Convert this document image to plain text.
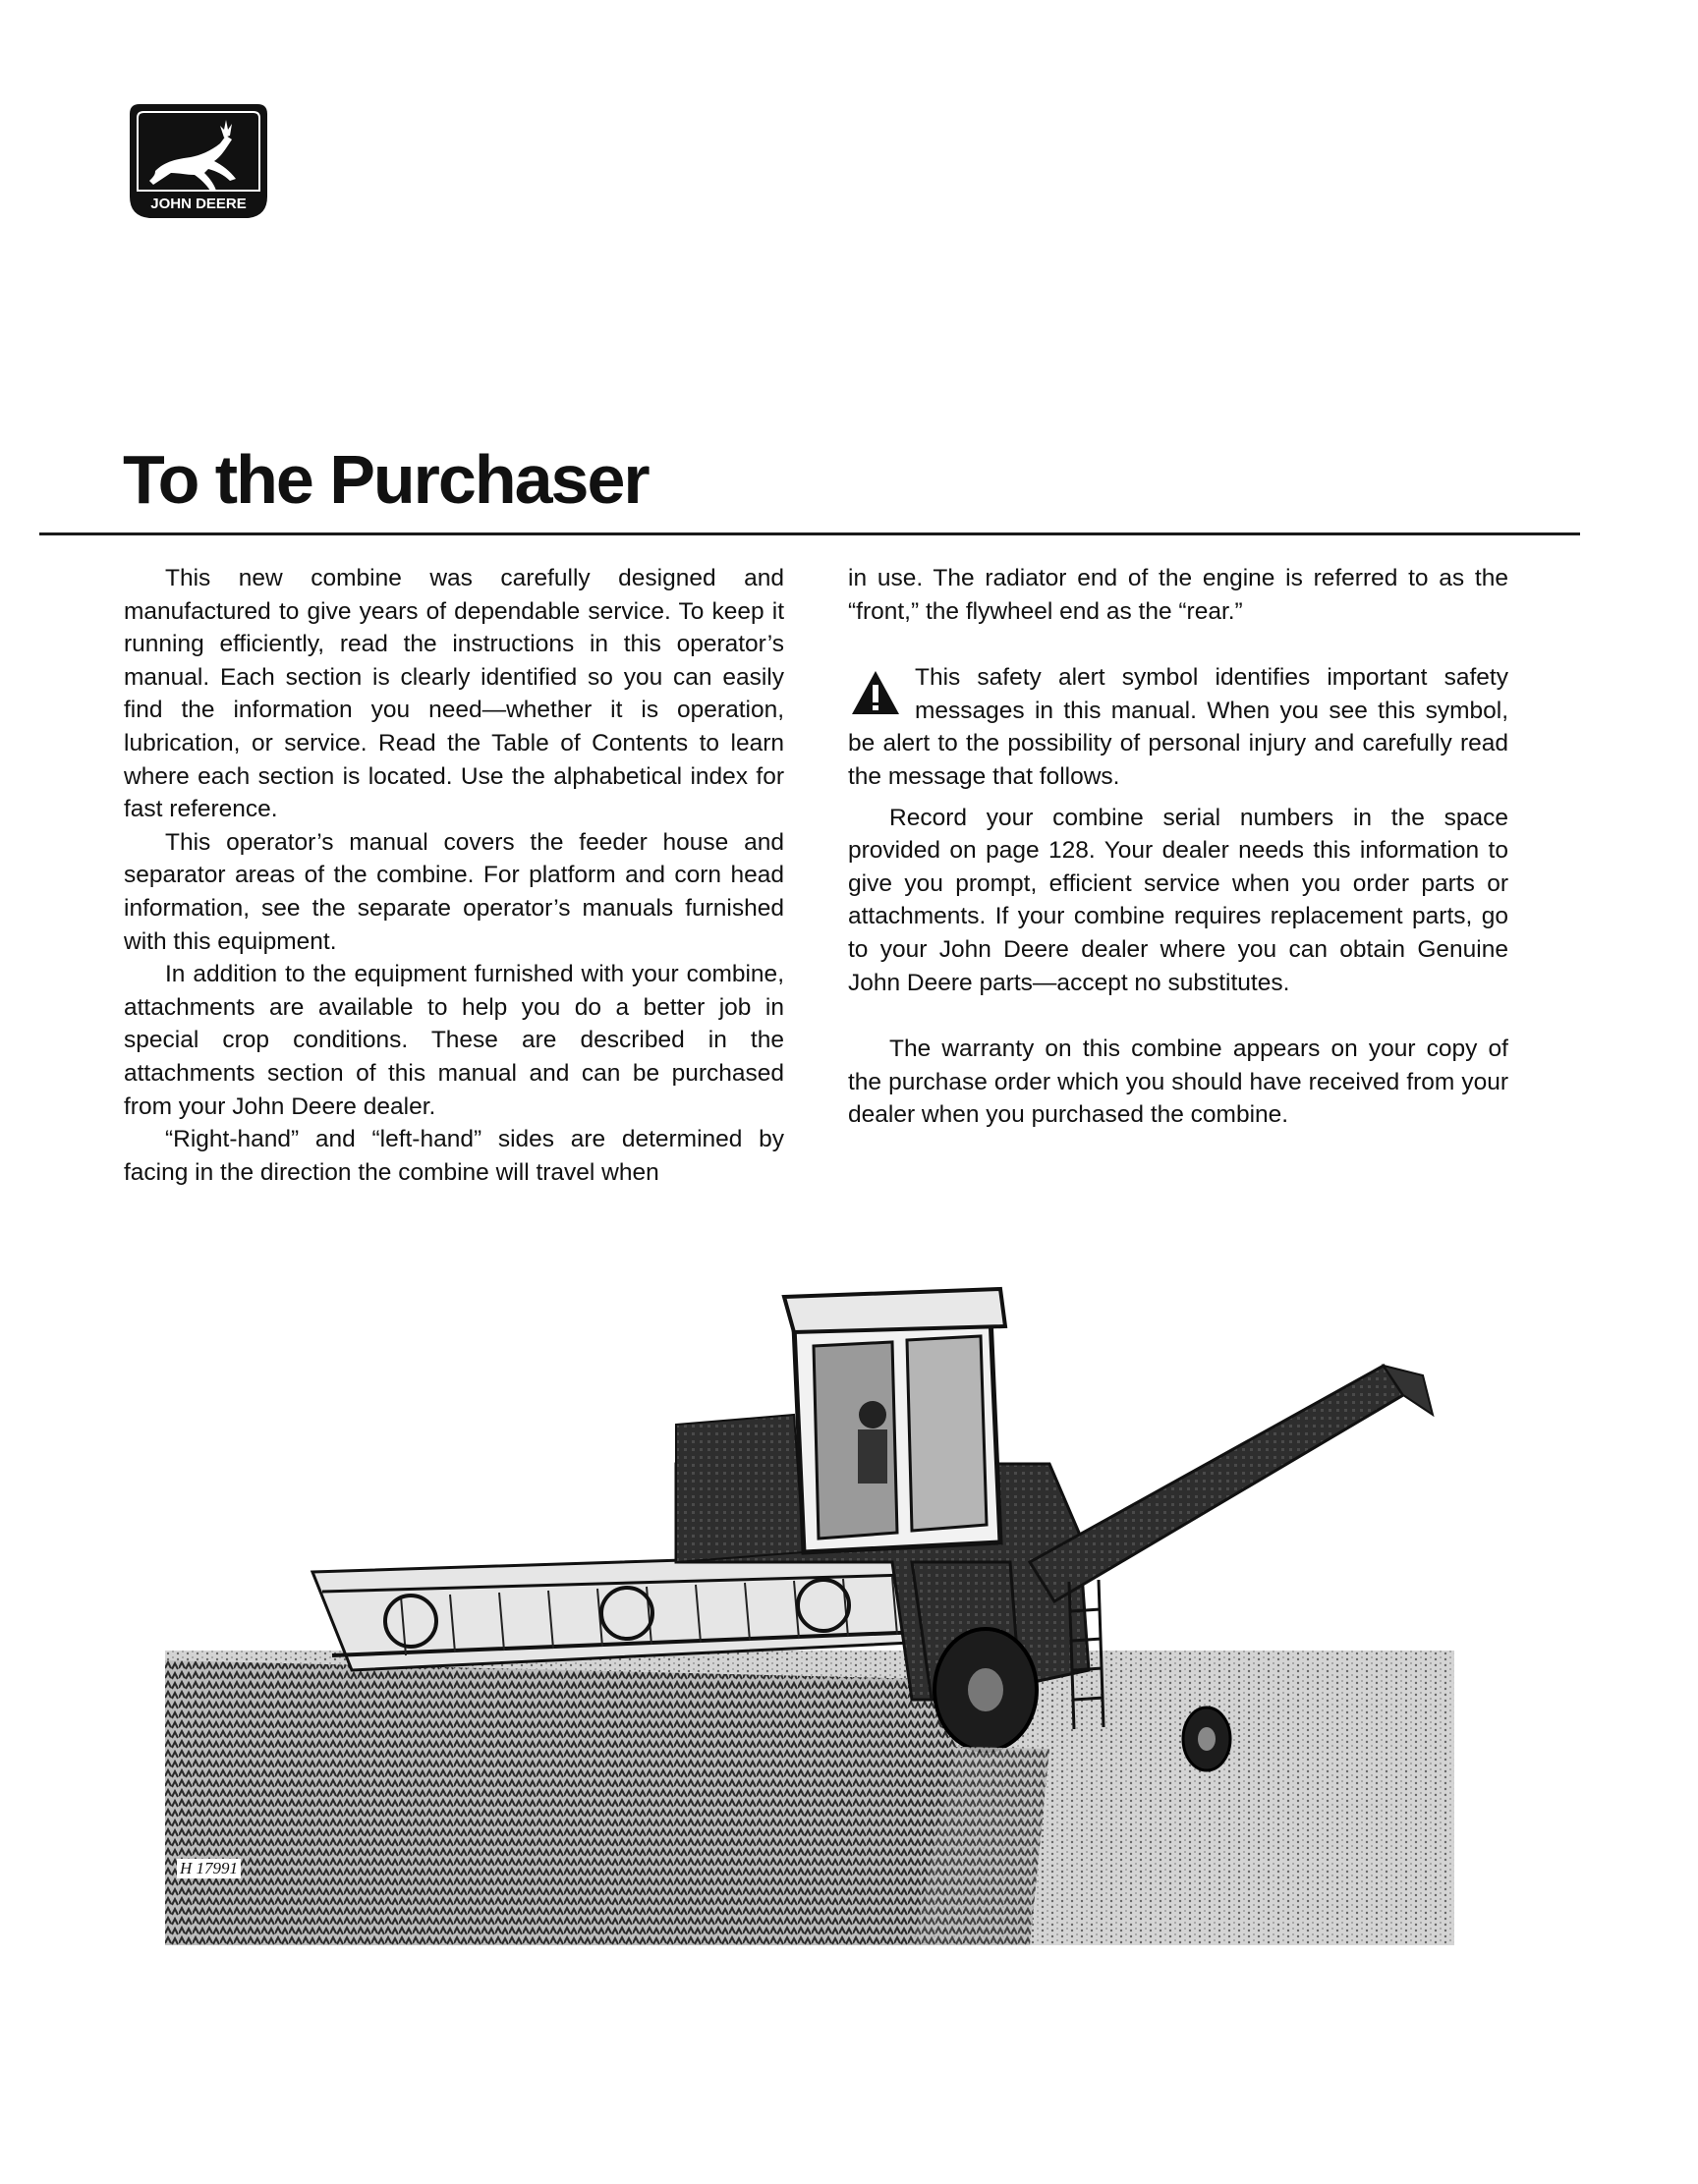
JOHN DEERE
To the Purchaser

This new combine was carefully designed and manufactured to give years of dependable service. To keep it running efficiently, read the instructions in this operator’s manual. Each section is clearly identified so you can easily find the information you need—whether it is operation, lubrication, or service. Read the Table of Contents to learn where each section is located. Use the alphabetical index for fast reference.

This operator’s manual covers the feeder house and separator areas of the combine. For platform and corn head information, see the separate operator’s manuals furnished with this equipment.

In addition to the equipment furnished with your combine, attachments are available to help you do a better job in special crop conditions. These are described in the attachments section of this manual and can be purchased from your John Deere dealer.

“Right-hand” and “left-hand” sides are determined by facing in the direction the combine will travel when

in use. The radiator end of the engine is referred to as the “front,” the flywheel end as the “rear.”

This safety alert symbol identifies important safety messages in this manual. When you see this symbol, be alert to the possibility of personal injury and carefully read the message that follows.

Record your combine serial numbers in the space provided on page 128. Your dealer needs this information to give you prompt, efficient service when you order parts or attachments. If your combine requires replacement parts, go to your John Deere dealer where you can obtain Genuine John Deere parts—accept no substitutes.

The warranty on this combine appears on your copy of the purchase order which you should have received from your dealer when you purchased the combine.

H 17991
